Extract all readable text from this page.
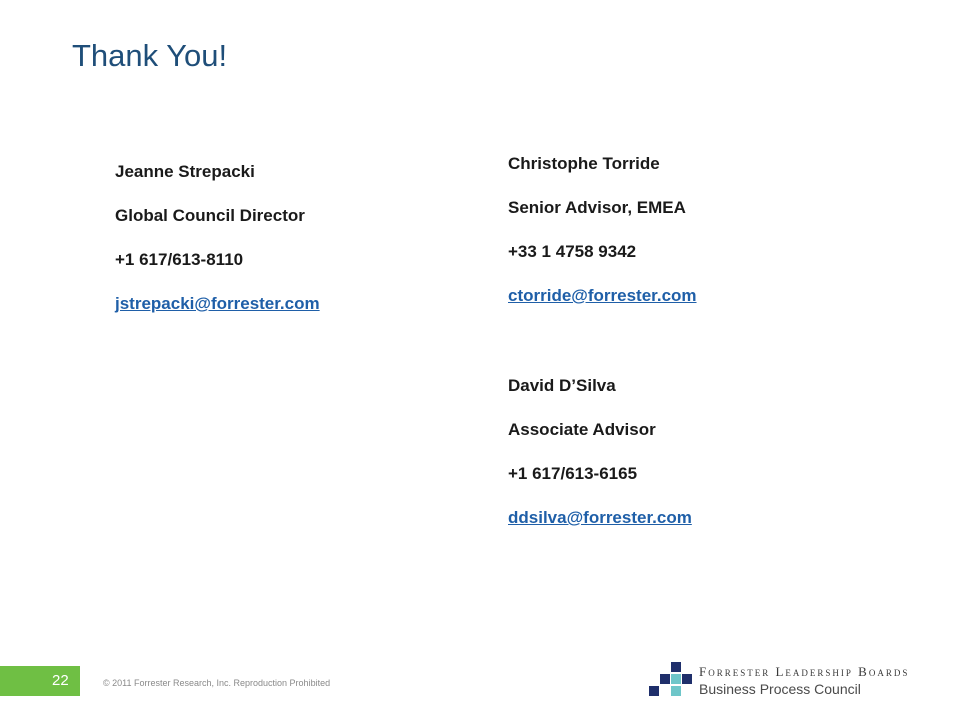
Thank You!
Jeanne Strepacki
Global Council Director
+1 617/613-8110
jstrepacki@forrester.com
Christophe Torride
Senior Advisor, EMEA
+33 1 4758 9342
ctorride@forrester.com
David D’Silva
Associate Advisor
+1 617/613-6165
ddsilva@forrester.com
22	© 2011 Forrester Research, Inc. Reproduction Prohibited
Forrester Leadership Boards
Business Process Council
